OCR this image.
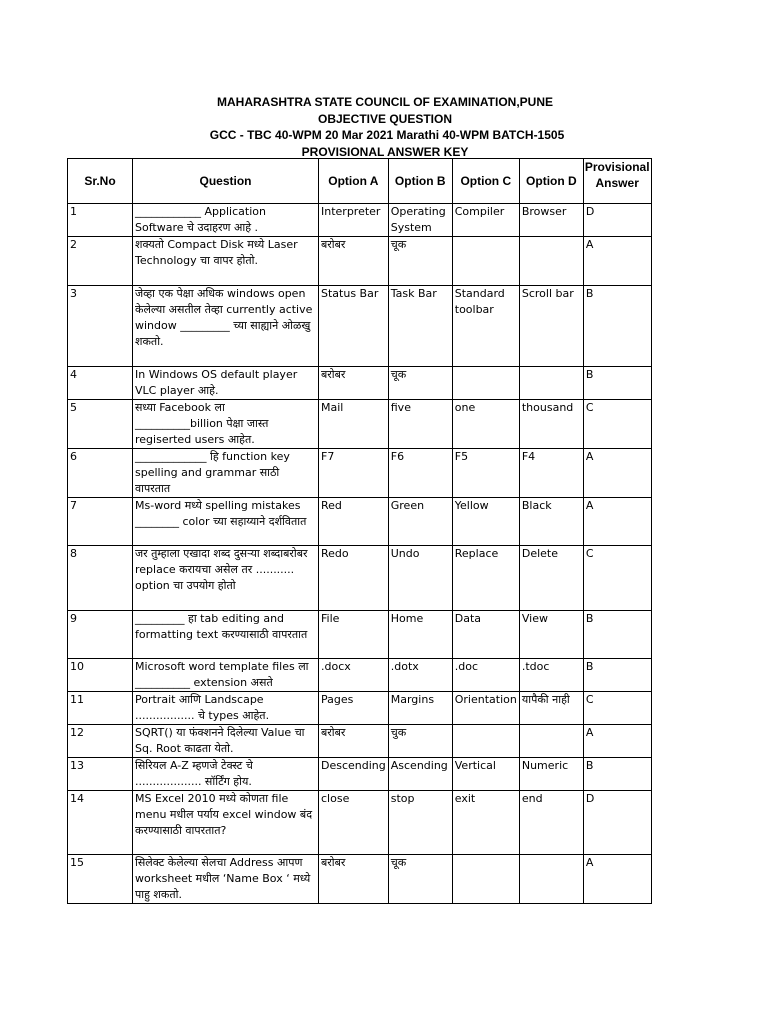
MAHARASHTRA STATE COUNCIL OF EXAMINATION,PUNE
OBJECTIVE QUESTION
GCC - TBC 40-WPM 20 Mar 2021 Marathi 40-WPM BATCH-1505
PROVISIONAL ANSWER KEY
Sr.No	Question	Option A	Option B	Option C	Option D	Provisional Answer
1	____________ Application Software चे उदाहरण आहे .	Interpreter	Operating System	Compiler	Browser	D
2	शक्यतो Compact Disk मध्ये Laser Technology चा वापर होतो.	बरोबर	चूक			A
3	जेव्हा एक पेक्षा अधिक windows open केलेल्या असतील तेव्हा currently active window _________ च्या साह्याने ओळखु शकतो.	Status Bar	Task Bar	Standard toolbar	Scroll bar	B
4	In Windows OS default player VLC player आहे.	बरोबर	चूक			B
5	सध्या Facebook ला __________billion पेक्षा जास्त regiserted users आहेत.	Mail	five	one	thousand	C
6	_____________ हि function key spelling and grammar साठी वापरतात	F7	F6	F5	F4	A
7	Ms-word मध्ये spelling mistakes ________ color च्या सहाय्याने दर्शवितात	Red	Green	Yellow	Black	A
8	जर तुम्हाला एखादा शब्द दुसऱ्या शब्दाबरोबर replace करायचा असेल तर ........... option चा उपयोग होतो	Redo	Undo	Replace	Delete	C
9	_________ हा tab editing and formatting text करण्यासाठी वापरतात	File	Home	Data	View	B
10	Microsoft word template files ला __________ extension असते	.docx	.dotx	.doc	.tdoc	B
11	Portrait आणि Landscape ................. चे types आहेत.	Pages	Margins	Orientation	यापैकी नाही	C
12	SQRT() या फंक्शनने दिलेल्या Value चा Sq. Root काढता येतो.	बरोबर	चुक			A
13	सिरियल A-Z म्हणजे टेक्स्ट चे ................... सॉर्टिंग होय.	Descending	Ascending	Vertical	Numeric	B
14	MS Excel 2010 मध्ये कोणता file menu मधील पर्याय excel window बंद करण्यासाठी वापरतात?	close	stop	exit	end	D
15	सिलेक्ट केलेल्या सेलचा Address आपण worksheet मधील ‘Name Box ‘ मध्ये पाहु शकतो.	बरोबर	चूक			A
